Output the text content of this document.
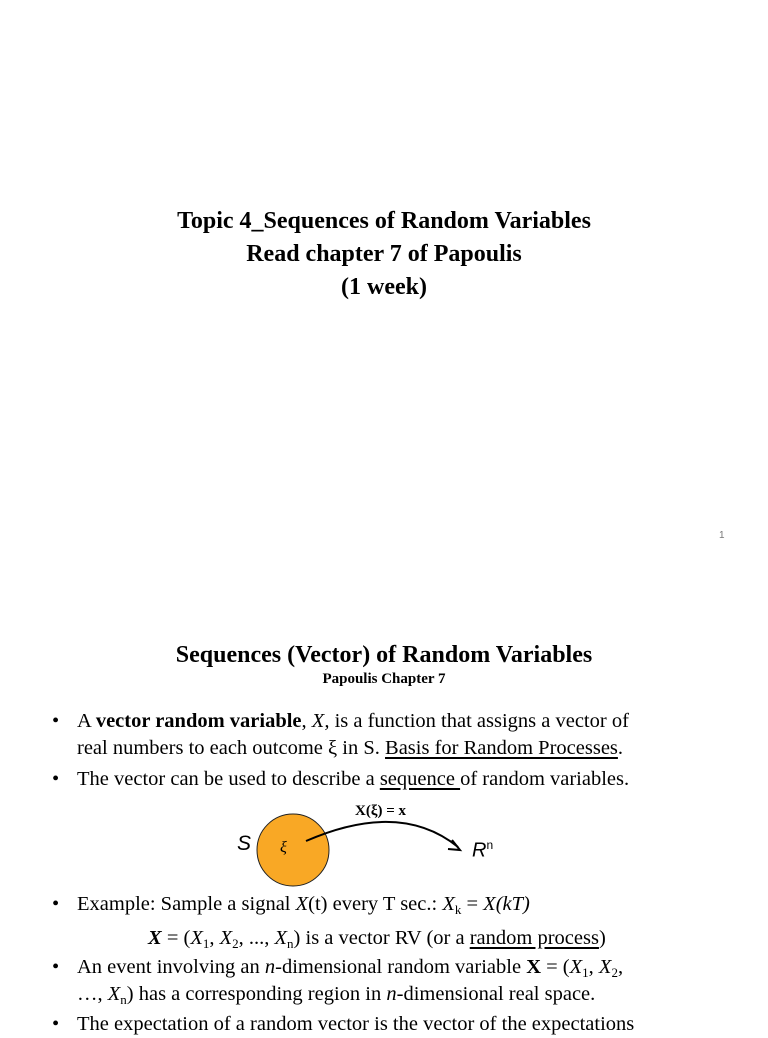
Topic 4_Sequences of Random Variables
Read chapter 7 of Papoulis
(1 week)
1
Sequences (Vector) of Random Variables
Papoulis Chapter 7
• A vector random variable, X, is a function that assigns a vector of
real numbers to each outcome ξ in S. Basis for Random Processes.
• The vector can be used to describe a sequence of random variables.
X(ξ) = x
S ξ	$R^n$
• Example: Sample a signal X(t) every T sec.: $X_k = X(kT)$
$X = (X_1$, $X_2$, ..., $X_n$) is a vector RV (or a random process)
• An event involving an n-dimensional random variable $X = (X_1$, $X_2$,
…, $X_n$) has a corresponding region in n-dimensional real space.
• The expectation of a random vector is the vector of the expectations
